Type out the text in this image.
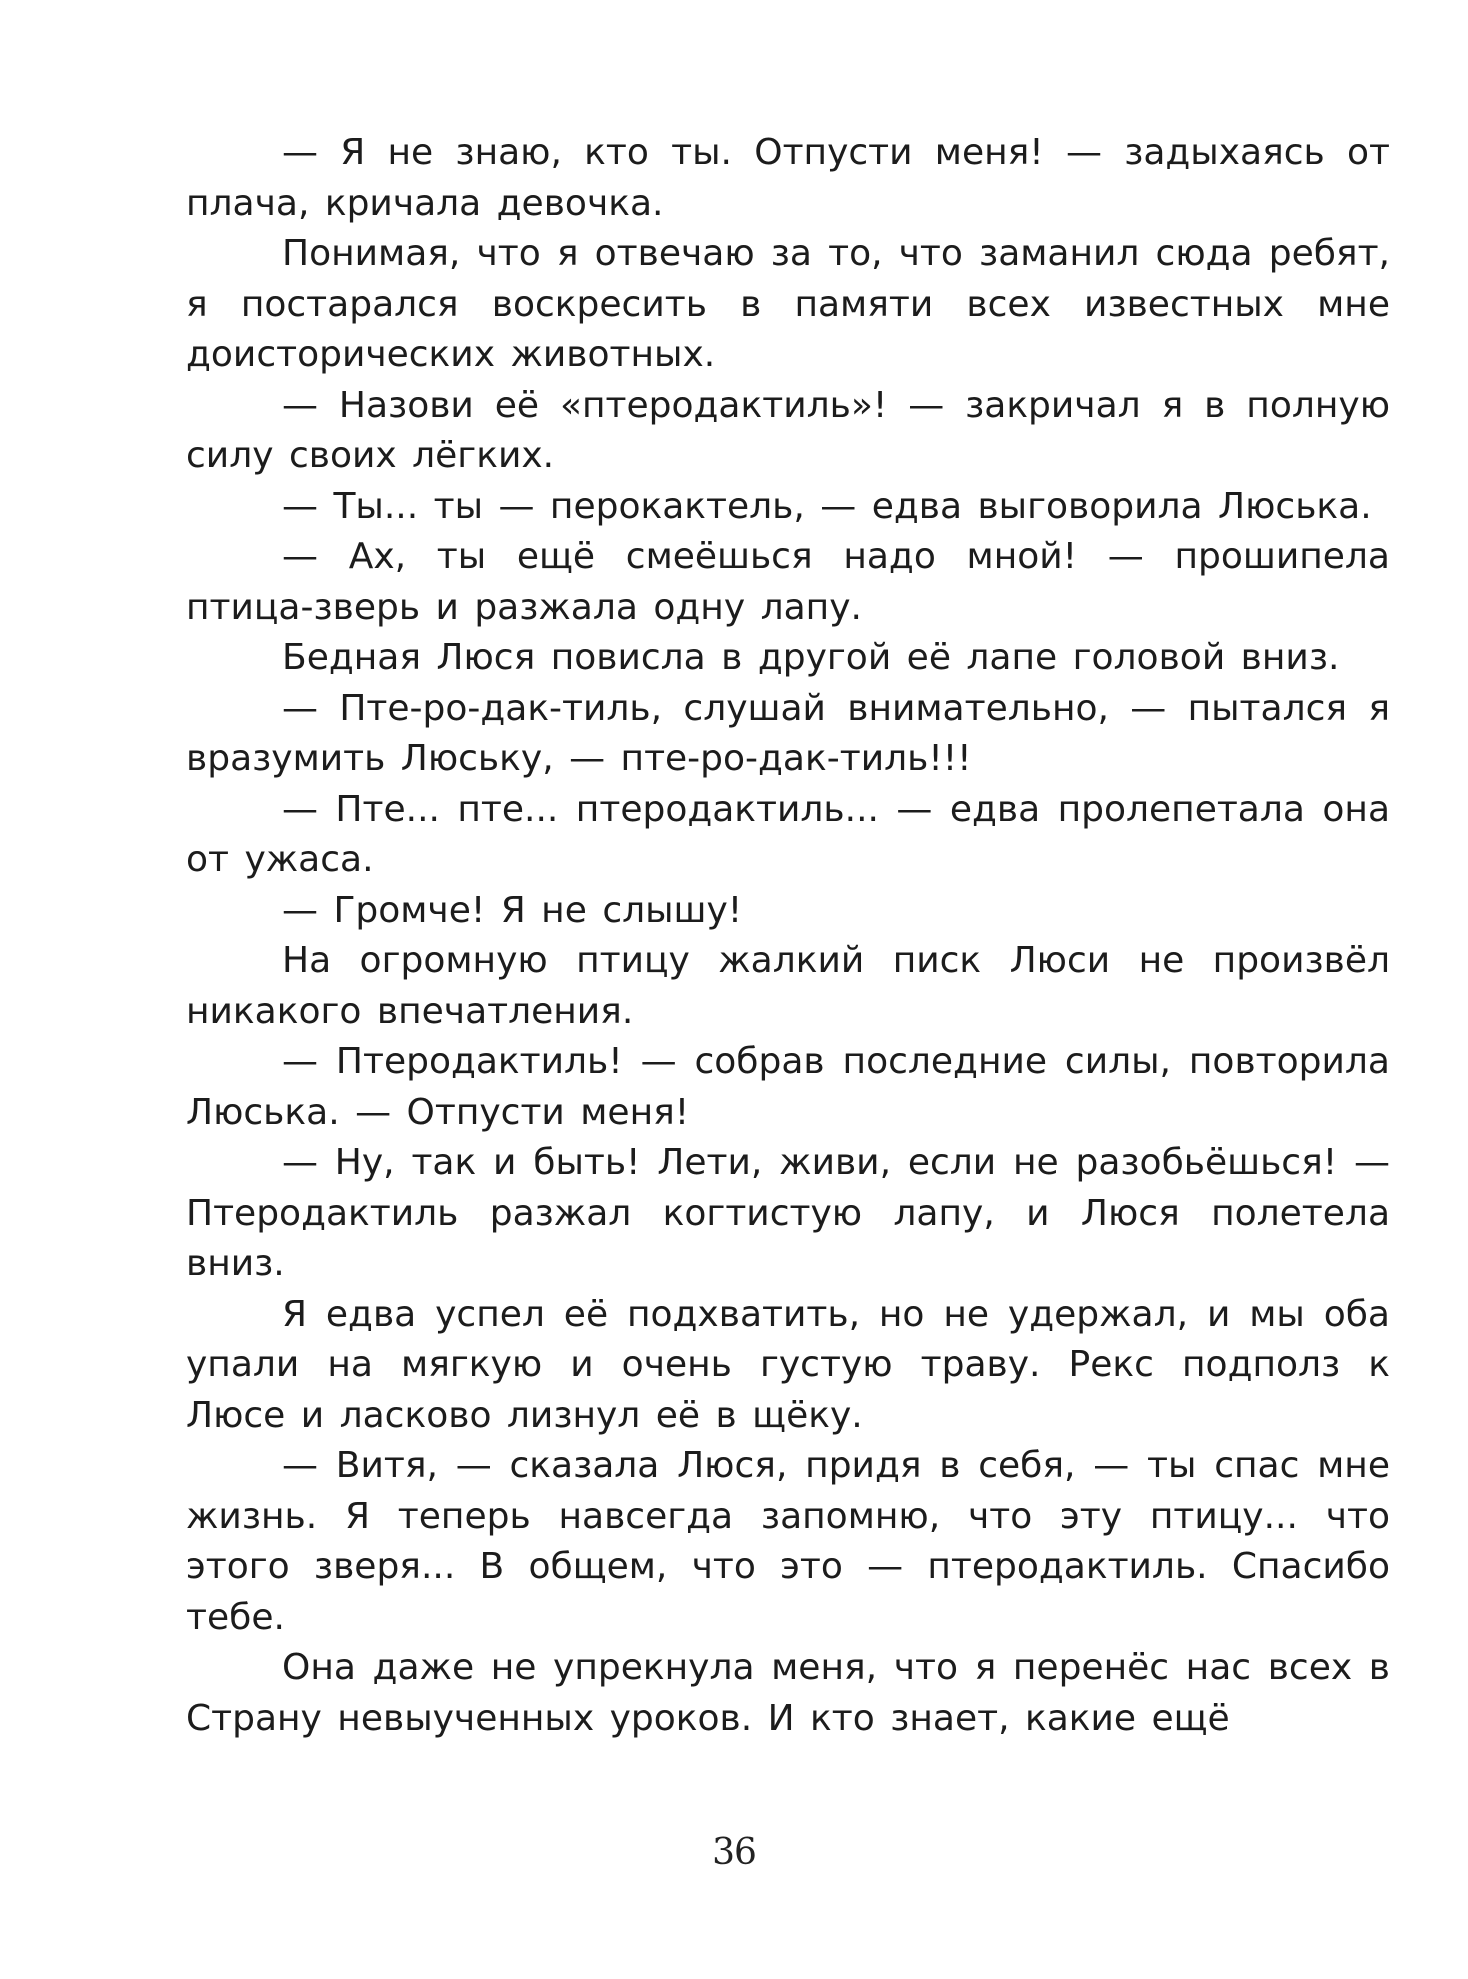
— Я не знаю, кто ты. Отпусти меня! — задыхаясь от плача, кричала девочка.

Понимая, что я отвечаю за то, что заманил сюда ребят, я постарался воскресить в памяти всех известных мне доисторических животных.

— Назови её «птеродактиль»! — закричал я в полную силу своих лёгких.

— Ты... ты — перокактель, — едва выговорила Люська.

— Ах, ты ещё смеёшься надо мной! — прошипела птица-зверь и разжала одну лапу.

Бедная Люся повисла в другой её лапе головой вниз.

— Пте-ро-дак-тиль, слушай внимательно, — пытался я вразумить Люську, — пте-ро-дак-тиль!!!

— Пте... пте... птеродактиль... — едва пролепетала она от ужаса.

— Громче! Я не слышу!

На огромную птицу жалкий писк Люси не произвёл никакого впечатления.

— Птеродактиль! — собрав последние силы, повторила Люська. — Отпусти меня!

— Ну, так и быть! Лети, живи, если не разобьёшься! — Птеродактиль разжал когтистую лапу, и Люся полетела вниз.

Я едва успел её подхватить, но не удержал, и мы оба упали на мягкую и очень густую траву. Рекс подполз к Люсе и ласково лизнул её в щёку.

— Витя, — сказала Люся, придя в себя, — ты спас мне жизнь. Я теперь навсегда запомню, что эту птицу... что этого зверя... В общем, что это — птеродактиль. Спасибо тебе.

Она даже не упрекнула меня, что я перенёс нас всех в Страну невыученных уроков. И кто знает, какие ещё

36
